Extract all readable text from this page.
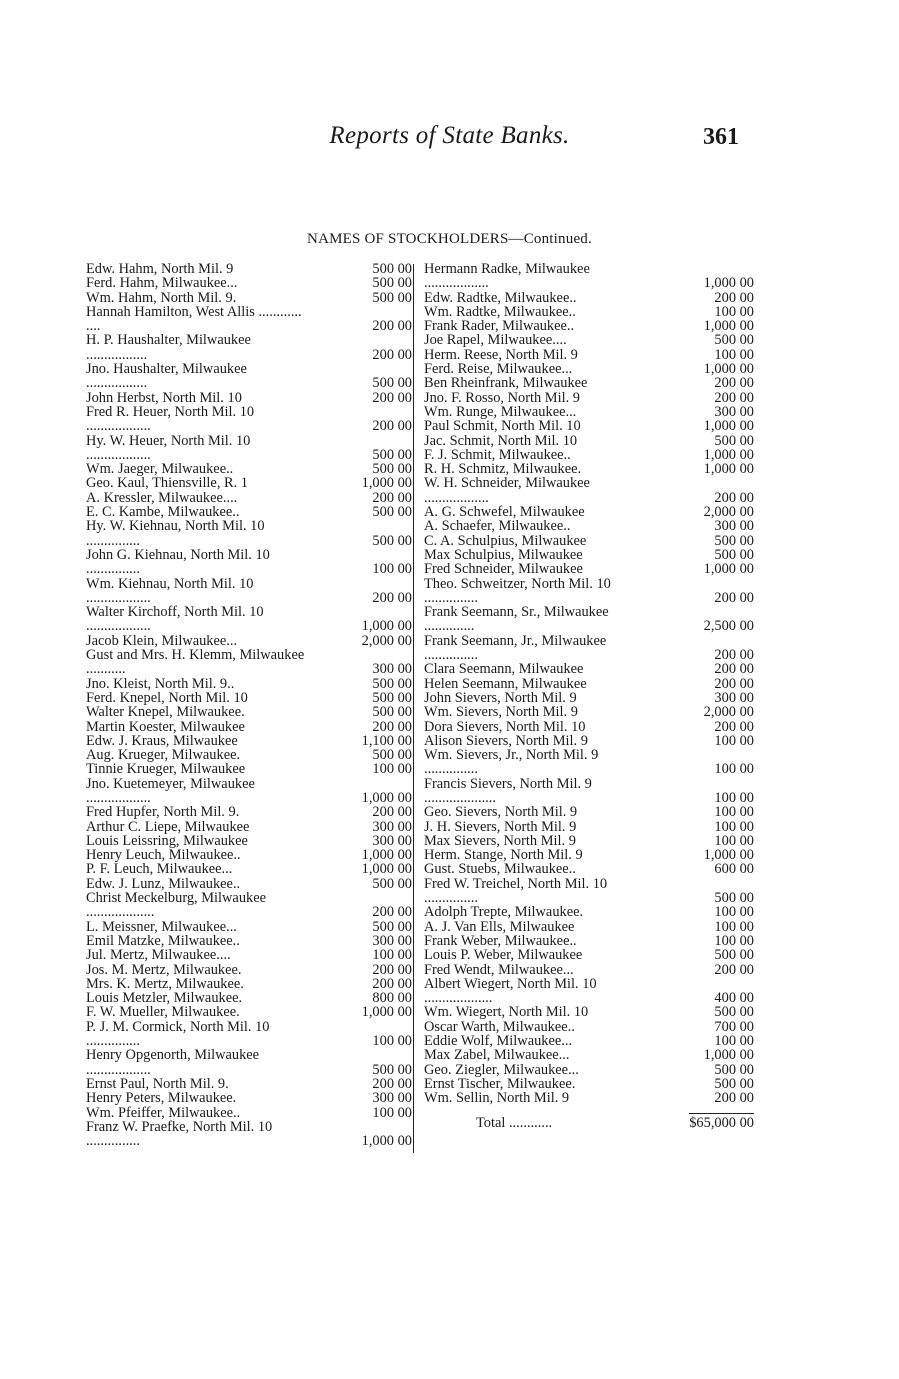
Reports of State Banks.	361
NAMES OF STOCKHOLDERS—Continued.
Edw. Hahm, North Mil. 9	500 00
Ferd. Hahm, Milwaukee...	500 00
Wm. Hahm, North Mil. 9.	500 00
Hannah Hamilton, West Allis ............ ....	200 00
H. P. Haushalter, Milwaukee .................	200 00
Jno. Haushalter, Milwaukee .................	500 00
John Herbst, North Mil. 10	200 00
Fred R. Heuer, North Mil. 10 ..................	200 00
Hy. W. Heuer, North Mil. 10 ..................	500 00
Wm. Jaeger, Milwaukee..	500 00
Geo. Kaul, Thiensville, R. 1	1,000 00
A. Kressler, Milwaukee....	200 00
E. C. Kambe, Milwaukee..	500 00
Hy. W. Kiehnau, North Mil. 10 ...............	500 00
John G. Kiehnau, North Mil. 10 ...............	100 00
Wm. Kiehnau, North Mil. 10 ..................	200 00
Walter Kirchoff, North Mil. 10 ..................	1,000 00
Jacob Klein, Milwaukee...	2,000 00
Gust and Mrs. H. Klemm, Milwaukee ...........	300 00
Jno. Kleist, North Mil. 9..	500 00
Ferd. Knepel, North Mil. 10	500 00
Walter Knepel, Milwaukee.	500 00
Martin Koester, Milwaukee	200 00
Edw. J. Kraus, Milwaukee	1,100 00
Aug. Krueger, Milwaukee.	500 00
Tinnie Krueger, Milwaukee	100 00
Jno. Kuetemeyer, Milwaukee ..................	1,000 00
Fred Hupfer, North Mil. 9.	200 00
Arthur C. Liepe, Milwaukee	300 00
Louis Leissring, Milwaukee	300 00
Henry Leuch, Milwaukee..	1,000 00
P. F. Leuch, Milwaukee...	1,000 00
Edw. J. Lunz, Milwaukee..	500 00
Christ Meckelburg, Milwaukee ...................	200 00
L. Meissner, Milwaukee...	500 00
Emil Matzke, Milwaukee..	300 00
Jul. Mertz, Milwaukee....	100 00
Jos. M. Mertz, Milwaukee.	200 00
Mrs. K. Mertz, Milwaukee.	200 00
Louis Metzler, Milwaukee.	800 00
F. W. Mueller, Milwaukee.	1,000 00
P. J. M. Cormick, North Mil. 10 ...............	100 00
Henry Opgenorth, Milwaukee ..................	500 00
Ernst Paul, North Mil. 9.	200 00
Henry Peters, Milwaukee.	300 00
Wm. Pfeiffer, Milwaukee..	100 00
Franz W. Praefke, North Mil. 10 ...............	1,000 00
Hermann Radke, Milwaukee ..................	1,000 00
Edw. Radtke, Milwaukee..	200 00
Wm. Radtke, Milwaukee..	100 00
Frank Rader, Milwaukee..	1,000 00
Joe Rapel, Milwaukee....	500 00
Herm. Reese, North Mil. 9	100 00
Ferd. Reise, Milwaukee...	1,000 00
Ben Rheinfrank, Milwaukee	200 00
Jno. F. Rosso, North Mil. 9	200 00
Wm. Runge, Milwaukee...	300 00
Paul Schmit, North Mil. 10	1,000 00
Jac. Schmit, North Mil. 10	500 00
F. J. Schmit, Milwaukee..	1,000 00
R. H. Schmitz, Milwaukee.	1,000 00
W. H. Schneider, Milwaukee ..................	200 00
A. G. Schwefel, Milwaukee	2,000 00
A. Schaefer, Milwaukee..	300 00
C. A. Schulpius, Milwaukee	500 00
Max Schulpius, Milwaukee	500 00
Fred Schneider, Milwaukee	1,000 00
Theo. Schweitzer, North Mil. 10 ...............	200 00
Frank Seemann, Sr., Milwaukee ..............	2,500 00
Frank Seemann, Jr., Milwaukee ...............	200 00
Clara Seemann, Milwaukee	200 00
Helen Seemann, Milwaukee	200 00
John Sievers, North Mil. 9	300 00
Wm. Sievers, North Mil. 9	2,000 00
Dora Sievers, North Mil. 10	200 00
Alison Sievers, North Mil. 9	100 00
Wm. Sievers, Jr., North Mil. 9 ...............	100 00
Francis Sievers, North Mil. 9 ....................	100 00
Geo. Sievers, North Mil. 9	100 00
J. H. Sievers, North Mil. 9	100 00
Max Sievers, North Mil. 9	100 00
Herm. Stange, North Mil. 9	1,000 00
Gust. Stuebs, Milwaukee..	600 00
Fred W. Treichel, North Mil. 10 ...............	500 00
Adolph Trepte, Milwaukee.	100 00
A. J. Van Ells, Milwaukee	100 00
Frank Weber, Milwaukee..	100 00
Louis P. Weber, Milwaukee	500 00
Fred Wendt, Milwaukee...	200 00
Albert Wiegert, North Mil. 10 ...................	400 00
Wm. Wiegert, North Mil. 10	500 00
Oscar Warth, Milwaukee..	700 00
Eddie Wolf, Milwaukee...	100 00
Max Zabel, Milwaukee...	1,000 00
Geo. Ziegler, Milwaukee...	500 00
Ernst Tischer, Milwaukee.	500 00
Wm. Sellin, North Mil. 9	200 00
Total ............	$65,000 00
